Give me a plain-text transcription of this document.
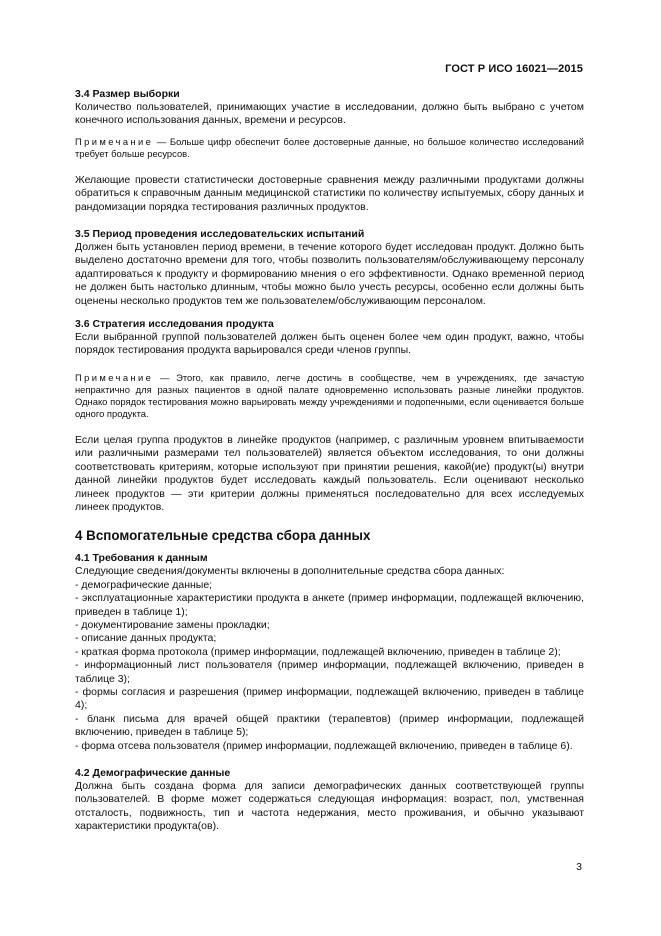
ГОСТ Р ИСО 16021—2015
3.4 Размер выборки
Количество пользователей, принимающих участие в исследовании, должно быть выбрано с учетом конечного использования данных, времени и ресурсов.
Примечание — Больше цифр обеспечит более достоверные данные, но большое количество исследований требует больше ресурсов.
Желающие провести статистически достоверные сравнения между различными продуктами должны обратиться к справочным данным медицинской статистики по количеству испытуемых, сбору данных и рандомизации порядка тестирования различных продуктов.
3.5 Период проведения исследовательских испытаний
Должен быть установлен период времени, в течение которого будет исследован продукт. Должно быть выделено достаточно времени для того, чтобы позволить пользователям/обслуживающему персоналу адаптироваться к продукту и формированию мнения о его эффективности. Однако временной период не должен быть настолько длинным, чтобы можно было учесть ресурсы, особенно если должны быть оценены несколько продуктов тем же пользователем/обслуживающим персоналом.
3.6 Стратегия исследования продукта
Если выбранной группой пользователей должен быть оценен более чем один продукт, важно, чтобы порядок тестирования продукта варьировался среди членов группы.
Примечание — Этого, как правило, легче достичь в сообществе, чем в учреждениях, где зачастую непрактично для разных пациентов в одной палате одновременно использовать разные линейки продуктов. Однако порядок тестирования можно варьировать между учреждениями и подопечными, если оценивается больше одного продукта.
Если целая группа продуктов в линейке продуктов (например, с различным уровнем впитываемости или различными размерами тел пользователей) является объектом исследования, то они должны соответствовать критериям, которые используют при принятии решения, какой(ие) продукт(ы) внутри данной линейки продуктов будет исследовать каждый пользователь. Если оценивают несколько линеек продуктов — эти критерии должны применяться последовательно для всех исследуемых линеек продуктов.
4 Вспомогательные средства сбора данных
4.1 Требования к данным
Следующие сведения/документы включены в дополнительные средства сбора данных:
- демографические данные;
- эксплуатационные характеристики продукта в анкете (пример информации, подлежащей включению, приведен в таблице 1);
- документирование замены прокладки;
- описание данных продукта;
- краткая форма протокола (пример информации, подлежащей включению, приведен в таблице 2);
- информационный лист пользователя (пример информации, подлежащей включению, приведен в таблице 3);
- формы согласия и разрешения (пример информации, подлежащей включению, приведен в таблице 4);
- бланк письма для врачей общей практики (терапевтов) (пример информации, подлежащей включению, приведен в таблице 5);
- форма отсева пользователя (пример информации, подлежащей включению, приведен в таблице 6).
4.2 Демографические данные
Должна быть создана форма для записи демографических данных соответствующей группы пользователей. В форме может содержаться следующая информация: возраст, пол, умственная отсталость, подвижность, тип и частота недержания, место проживания, и обычно указывают характеристики продукта(ов).
3
